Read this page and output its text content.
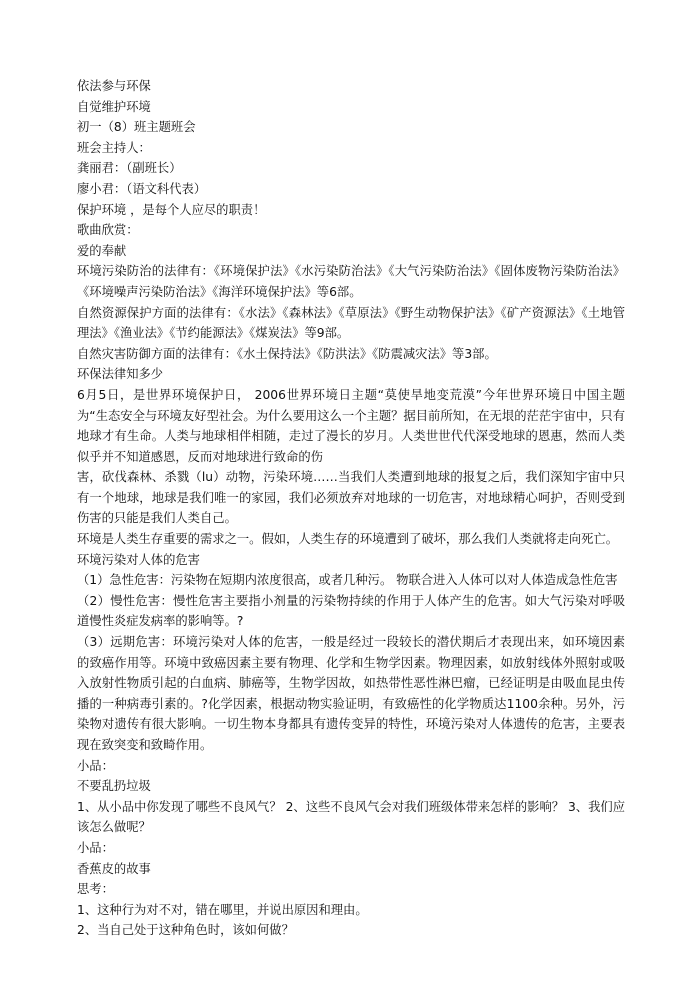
依法参与环保

自觉维护环境

初一（8）班主题班会

班会主持人：

龚丽君：（副班长）

廖小君：（语文科代表）

保护环境 ，是每个人应尽的职责！

歌曲欣赏：

爱的奉献

环境污染防治的法律有：《环境保护法》《水污染防治法》《大气污染防治法》《固体废物污染防治法》《环境噪声污染防治法》《海洋环境保护法》等6部。

自然资源保护方面的法律有：《水法》《森林法》《草原法》《野生动物保护法》《矿产资源法》《土地管理法》《渔业法》《节约能源法》《煤炭法》等9部。

自然灾害防御方面的法律有：《水土保持法》《防洪法》《防震减灾法》等3部。

环保法律知多少

6月5日，是世界环境保护日， 2006世界环境日主题“莫使旱地变荒漠”今年世界环境日中国主题为“生态安全与环境友好型社会。为什么要用这么一个主题？据目前所知，在无垠的茫茫宇宙中，只有地球才有生命。人类与地球相伴相随，走过了漫长的岁月。人类世世代代深受地球的恩惠，然而人类似乎并不知道感恩，反而对地球进行致命的伤

害，砍伐森林、杀戮（lu）动物，污染环境……当我们人类遭到地球的报复之后，我们深知宇宙中只有一个地球，地球是我们唯一的家园，我们必须放弃对地球的一切危害，对地球精心呵护，否则受到伤害的只能是我们人类自己。

环境是人类生存重要的需求之一。假如，人类生存的环境遭到了破坏，那么我们人类就将走向死亡。

环境污染对人体的危害

（1）急性危害：污染物在短期内浓度很高，或者几种污。 物联合进入人体可以对人体造成急性危害

（2）慢性危害：慢性危害主要指小剂量的污染物持续的作用于人体产生的危害。如大气污染对呼吸道慢性炎症发病率的影响等。?

（3）远期危害：环境污染对人体的危害，一般是经过一段较长的潜伏期后才表现出来，如环境因素的致癌作用等。环境中致癌因素主要有物理、化学和生物学因素。物理因素，如放射线体外照射或吸入放射性物质引起的白血病、肺癌等，生物学因故，如热带性恶性淋巴瘤，已经证明是由吸血昆虫传播的一种病毒引素的。?化学因素，根据动物实验证明，有致癌性的化学物质达1100余种。另外，污染物对遗传有很大影响。一切生物本身都具有遗传变异的特性，环境污染对人体遗传的危害，主要表现在致突变和致畸作用。

小品：

不要乱扔垃圾

1、从小品中你发现了哪些不良风气？ 2、这些不良风气会对我们班级体带来怎样的影响？ 3、我们应该怎么做呢？

小品：

香蕉皮的故事

思考：

1、这种行为对不对，错在哪里，并说出原因和理由。

2、当自己处于这种角色时，该如何做？
